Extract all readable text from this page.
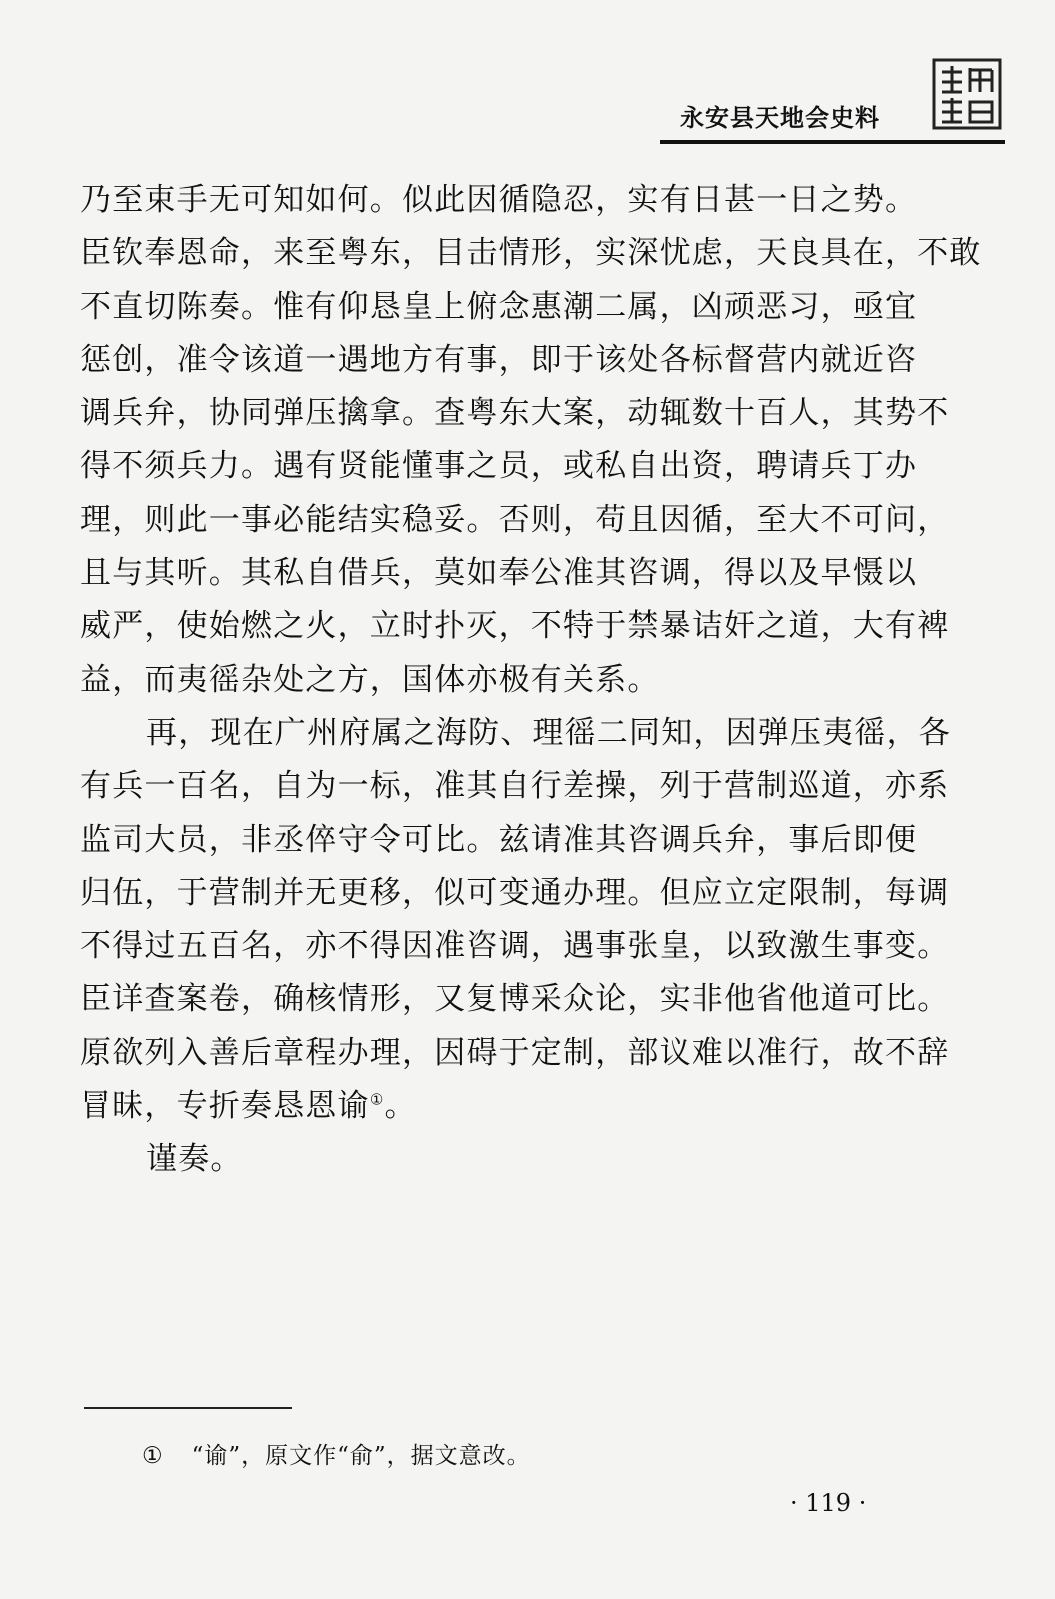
永安县天地会史料
乃至束手无可知如何。似此因循隐忍，实有日甚一日之势。
臣钦奉恩命，来至粤东，目击情形，实深忧虑，天良具在，不敢
不直切陈奏。惟有仰恳皇上俯念惠潮二属，凶顽恶习，亟宜
惩创，准令该道一遇地方有事，即于该处各标督营内就近咨
调兵弁，协同弹压擒拿。查粤东大案，动辄数十百人，其势不
得不须兵力。遇有贤能懂事之员，或私自出资，聘请兵丁办
理，则此一事必能结实稳妥。否则，苟且因循，至大不可问，
且与其听。其私自借兵，莫如奉公准其咨调，得以及早慑以
威严，使始燃之火，立时扑灭，不特于禁暴诘奸之道，大有裨
益，而夷徭杂处之方，国体亦极有关系。
再，现在广州府属之海防、理徭二同知，因弹压夷徭，各
有兵一百名，自为一标，准其自行差操，列于营制巡道，亦系
监司大员，非丞倅守令可比。兹请准其咨调兵弁，事后即便
归伍，于营制并无更移，似可变通办理。但应立定限制，每调
不得过五百名，亦不得因准咨调，遇事张皇，以致激生事变。
臣详查案卷，确核情形，又复博采众论，实非他省他道可比。
原欲列入善后章程办理，因碍于定制，部议难以准行，故不辞
冒昧，专折奏恳恩谕①。
谨奏。
① “谕”，原文作“俞”，据文意改。
· 119 ·
